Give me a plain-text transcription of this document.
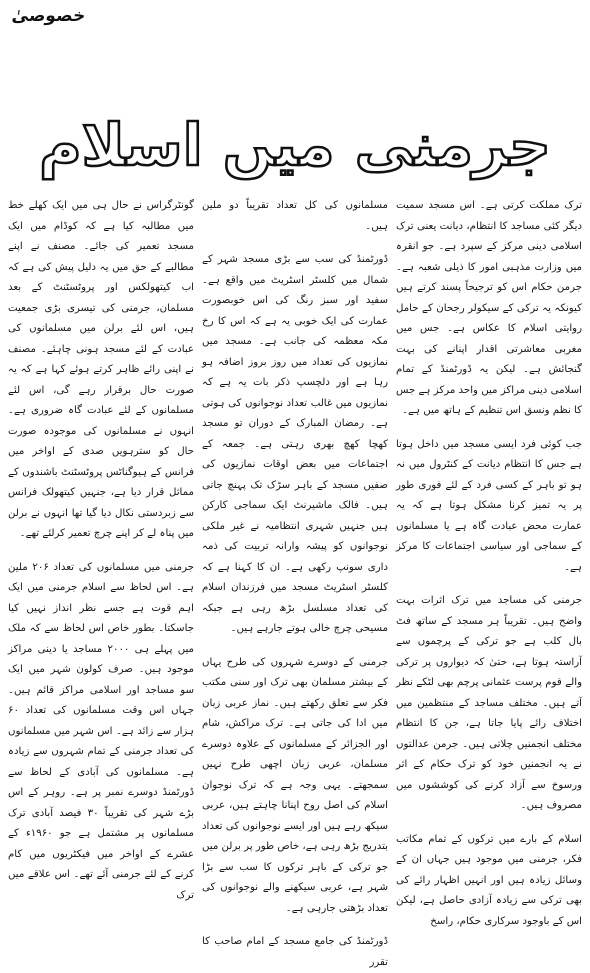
خصوصیٰ
جرمنی میں اسلام

گونٹرگراس نے حال ہی میں ایک کھلے خط میں مطالبہ کیا ہے کہ کوڈام میں ایک مسجد تعمیر کی جائے۔ مصنف نے اپنے مطالبے کے حق میں یہ دلیل پیش کی ہے کہ اب کیتھولکس اور پروٹسٹنٹ کے بعد مسلمان، جرمنی کی تیسری بڑی جمعیت ہیں، اس لئے برلن میں مسلمانوں کی عبادت کے لئے مسجد ہونی چاہئے۔ مصنف نے اپنی رائے ظاہر کرتے ہوئے کہا ہے کہ یہ صورت حال برقرار رہے گی، اس لئے مسلمانوں کے لئے عبادت گاہ ضروری ہے۔ انہوں نے مسلمانوں کی موجودہ صورت حال کو سترہویں صدی کے اواخر میں فرانس کے ہیوگناٹس پروٹسٹنٹ باشندوں کے مماثل قرار دیا ہے، جنہیں کیتھولک فرانس سے زبردستی نکال دیا گیا تھا انہوں نے برلن میں پناہ لے کر اپنے چرچ تعمیر کرلئے تھے۔

جرمنی میں مسلمانوں کی تعداد ۲۰۶ ملین ہے۔ اس لحاظ سے اسلام جرمنی میں ایک اہم قوت ہے جسے نظر انداز نہیں کیا جاسکتا۔ بطور خاص اس لحاظ سے کہ ملک میں پہلے ہی ۲۰۰۰ مساجد یا دینی مراکز موجود ہیں۔ صرف کولون شہر میں ایک سو مساجد اور اسلامی مراکز قائم ہیں۔ جہاں اس وقت مسلمانوں کی تعداد ۶۰ ہزار سے زائد ہے۔ اس شہر میں مسلمانوں کی تعداد جرمنی کے تمام شہروں سے زیادہ ہے۔ مسلمانوں کی آبادی کے لحاظ سے ڈورٹمنڈ دوسرے نمبر پر ہے۔ روہر کے اس بڑے شہر کی تقریباً ۳۰ فیصد آبادی ترک مسلمانوں پر مشتمل ہے جو ۱۹۶۰ء کے عشرے کے اواخر میں فیکٹریوں میں کام کرنے کے لئے جرمنی آئے تھے۔ اس علاقے میں ترک

مسلمانوں کی کل تعداد تقریباً دو ملین ہیں۔

ڈورٹمنڈ کی سب سے بڑی مسجد شہر کے شمال میں کلسٹر اسٹریٹ میں واقع ہے۔ سفید اور سبز رنگ کی اس خوبصورت عمارت کی ایک خوبی یہ ہے کہ اس کا رخ مکہ معظمہ کی جانب ہے۔ مسجد میں نمازیوں کی تعداد میں روز بروز اضافہ ہو رہا ہے اور دلچسپ ذکر بات یہ ہے کہ نمازیوں میں غالب تعداد نوجوانوں کی ہوتی ہے۔ رمضان المبارک کے دوران تو مسجد کھچا کھچ بھری رہتی ہے۔ جمعہ کے اجتماعات میں بعض اوقات نمازیوں کی صفیں مسجد کے باہر سڑک تک پہنچ جاتی ہیں۔ فالک ماشیرنٹ ایک سماجی کارکن ہیں جنہیں شہری انتظامیہ نے غیر ملکی نوجوانوں کو پیشہ وارانہ تربیت کی ذمہ داری سونپ رکھی ہے۔ ان کا کہنا ہے کہ کلسٹر اسٹریٹ مسجد میں فرزندان اسلام کی تعداد مسلسل بڑھ رہی ہے جبکہ مسیحی چرچ خالی ہوتے جارہے ہیں۔

جرمنی کے دوسرے شہروں کی طرح یہاں کے بیشتر مسلمان بھی ترک اور سنی مکتب فکر سے تعلق رکھتے ہیں۔ نماز عربی زبان میں ادا کی جاتی ہے۔ ترک مراکش، شام اور الجزائر کے مسلمانوں کے علاوہ دوسرے مسلمان، عربی زبان اچھی طرح نہیں سمجھتے۔ یہی وجہ ہے کہ ترک نوجوان اسلام کی اصل روح اپنانا چاہتے ہیں، عربی سیکھ رہے ہیں اور ایسے نوجوانوں کی تعداد بتدریج بڑھ رہی ہے، خاص طور پر برلن میں جو ترکی کے باہر ترکوں کا سب سے بڑا شہر ہے، عربی سیکھنے والے نوجوانوں کی تعداد بڑھتی جارہی ہے۔

ڈورٹمنڈ کی جامع مسجد کے امام صاحب کا تقرر

ترک مملکت کرتی ہے۔ اس مسجد سمیت دیگر کئی مساجد کا انتظام، دیانت یعنی ترک اسلامی دینی مرکز کے سپرد ہے۔ جو انقرہ میں وزارت مذہبی امور کا ذیلی شعبہ ہے۔ جرمن حکام اس کو ترجیحاً پسند کرتے ہیں کیونکہ یہ ترکی کے سیکولر رجحان کے حامل روایتی اسلام کا عکاس ہے۔ جس میں مغربی معاشرتی اقدار اپنانے کی بہت گنجائش ہے۔ لیکن یہ ڈورٹمنڈ کے تمام اسلامی دینی مراکز میں واحد مرکز ہے جس کا نظم ونسق اس تنظیم کے ہاتھ میں ہے۔

جب کوئی فرد ایسی مسجد میں داخل ہوتا ہے جس کا انتظام دیانت کے کنٹرول میں نہ ہو تو باہر کے کسی فرد کے لئے فوری طور پر یہ تمیز کرنا مشکل ہوتا ہے کہ یہ عمارت محض عبادت گاہ ہے یا مسلمانوں کے سماجی اور سیاسی اجتماعات کا مرکز ہے۔

جرمنی کی مساجد میں ترک اثرات بہت واضح ہیں۔ تقریباً ہر مسجد کے ساتھ فٹ بال کلب ہے جو ترکی کے پرچموں سے آراستہ ہوتا ہے، حتیٰ کہ دیواروں پر ترکی والے قوم پرست عثمانی پرچم بھی لٹکے نظر آتے ہیں۔ مختلف مساجد کے منتظمین میں اختلاف رائے پایا جاتا ہے، جن کا انتظام مختلف انجمنیں چلاتی ہیں۔ جرمن عدالتوں نے یہ انجمنیں خود کو ترک حکام کے اثر ورسوخ سے آزاد کرنے کی کوششوں میں مصروف ہیں۔

اسلام کے بارے میں ترکوں کے تمام مکاتب فکر، جرمنی میں موجود ہیں جہاں ان کے وسائل زیادہ ہیں اور انہیں اظہار رائے کی بھی ترکی سے زیادہ آزادی حاصل ہے، لیکن اس کے باوجود سرکاری حکام، راسخ
